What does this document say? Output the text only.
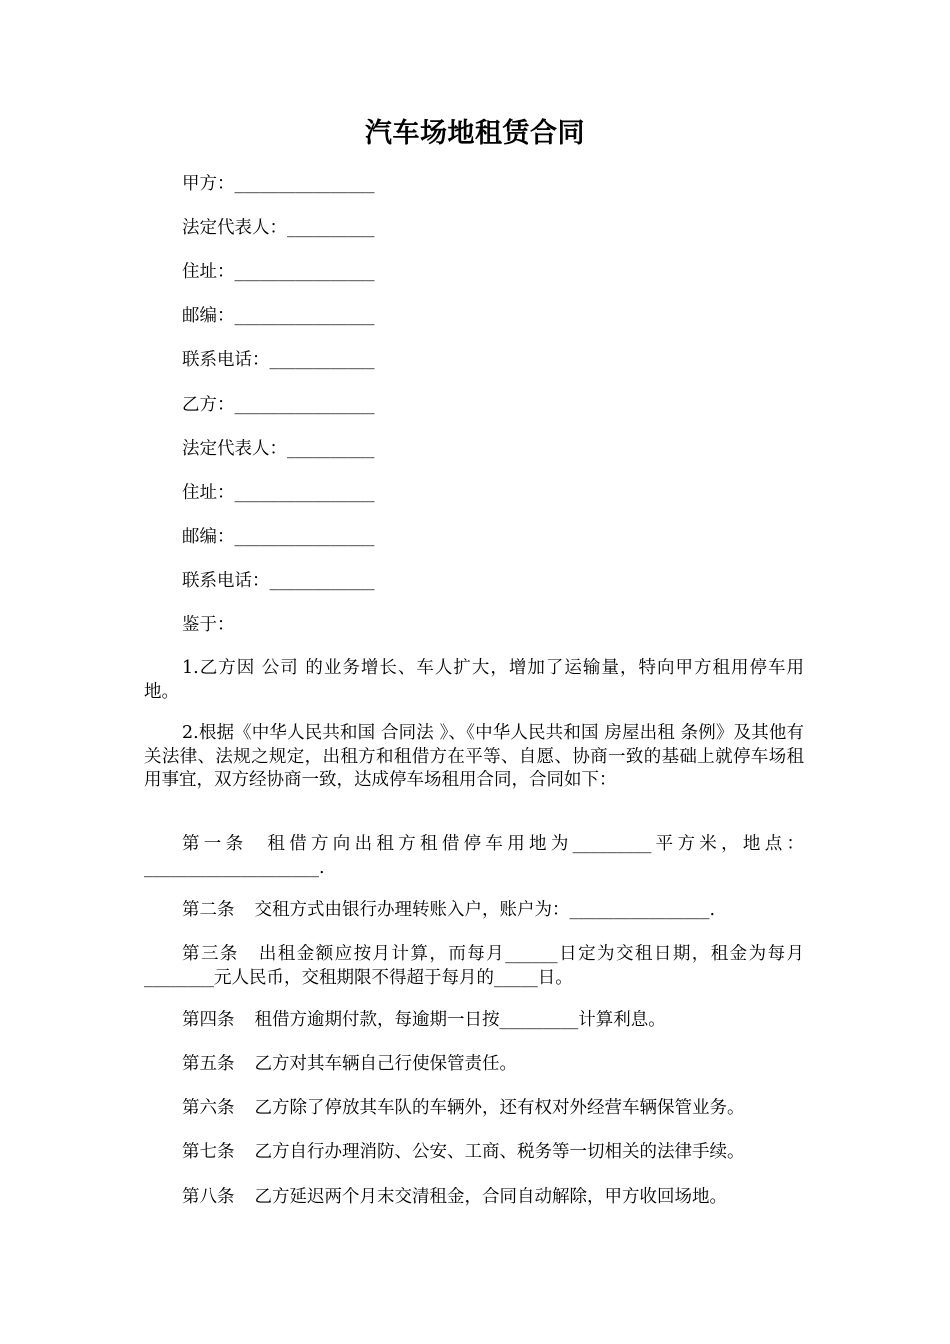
汽车场地租赁合同
甲方：________________
法定代表人：__________
住址：________________
邮编：________________
联系电话：____________
乙方：________________
法定代表人：__________
住址：________________
邮编：________________
联系电话：____________
鉴于：
1.乙方因 公司 的业务增长、车人扩大，增加了运输量，特向甲方租用停车用地。
2.根据《中华人民共和国 合同法 》、《中华人民共和国 房屋出租 条例》及其他有关法律、法规之规定，出租方和租借方在平等、自愿、协商一致的基础上就停车场租用事宜，双方经协商一致，达成停车场租用合同，合同如下：
第一条 租借方向出租方租借停车用地为_________平方米，地点：____________________.
第二条 交租方式由银行办理转账入户，账户为：________________.
第三条 出租金额应按月计算，而每月______日定为交租日期，租金为每月________元人民币，交租期限不得超于每月的_____日。
第四条 租借方逾期付款，每逾期一日按_________计算利息。
第五条 乙方对其车辆自己行使保管责任。
第六条 乙方除了停放其车队的车辆外，还有权对外经营车辆保管业务。
第七条 乙方自行办理消防、公安、工商、税务等一切相关的法律手续。
第八条 乙方延迟两个月末交清租金，合同自动解除，甲方收回场地。
